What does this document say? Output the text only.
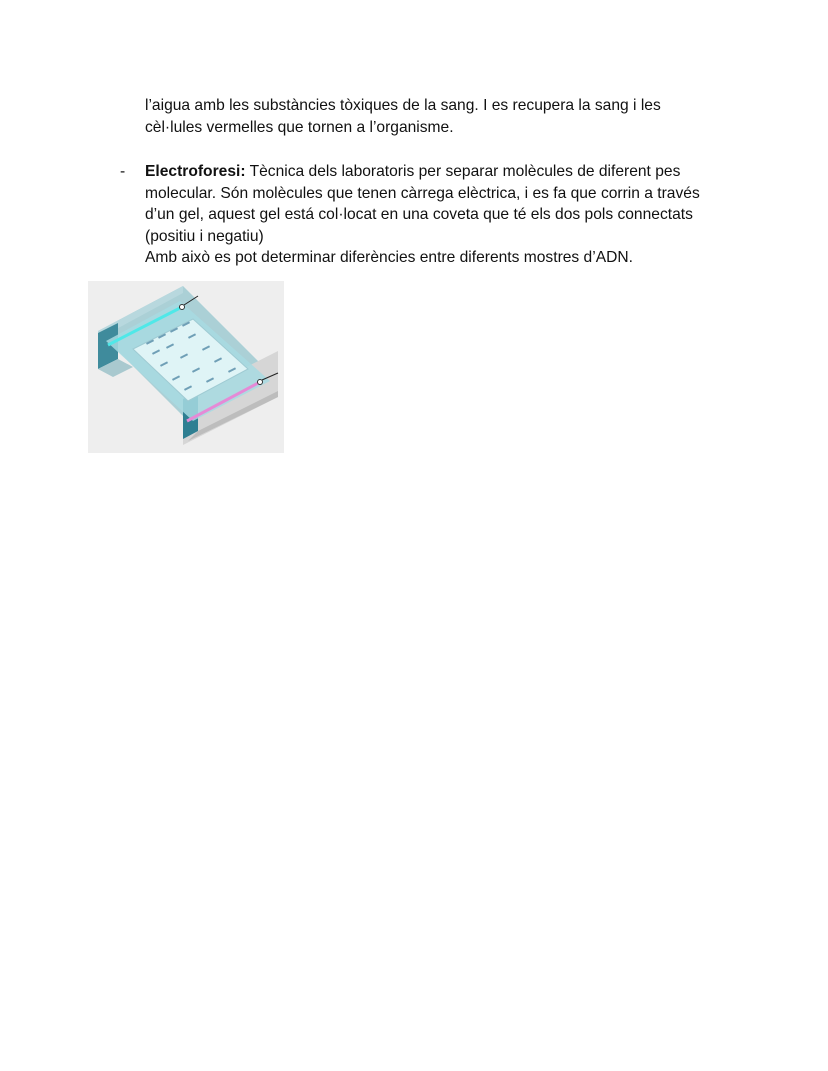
l’aigua amb les substàncies tòxiques de la sang. I es recupera la sang i les
cèl·lules vermelles que tornen a l’organisme.
- Electroforesi: Tècnica dels laboratoris per separar molècules de diferent pes
molecular. Són molècules que tenen càrrega elèctrica, i es fa que corrin a través
d’un gel, aquest gel está col·locat en una coveta que té els dos pols connectats
(positiu i negatiu)
Amb això es pot determinar diferències entre diferents mostres d’ADN.
